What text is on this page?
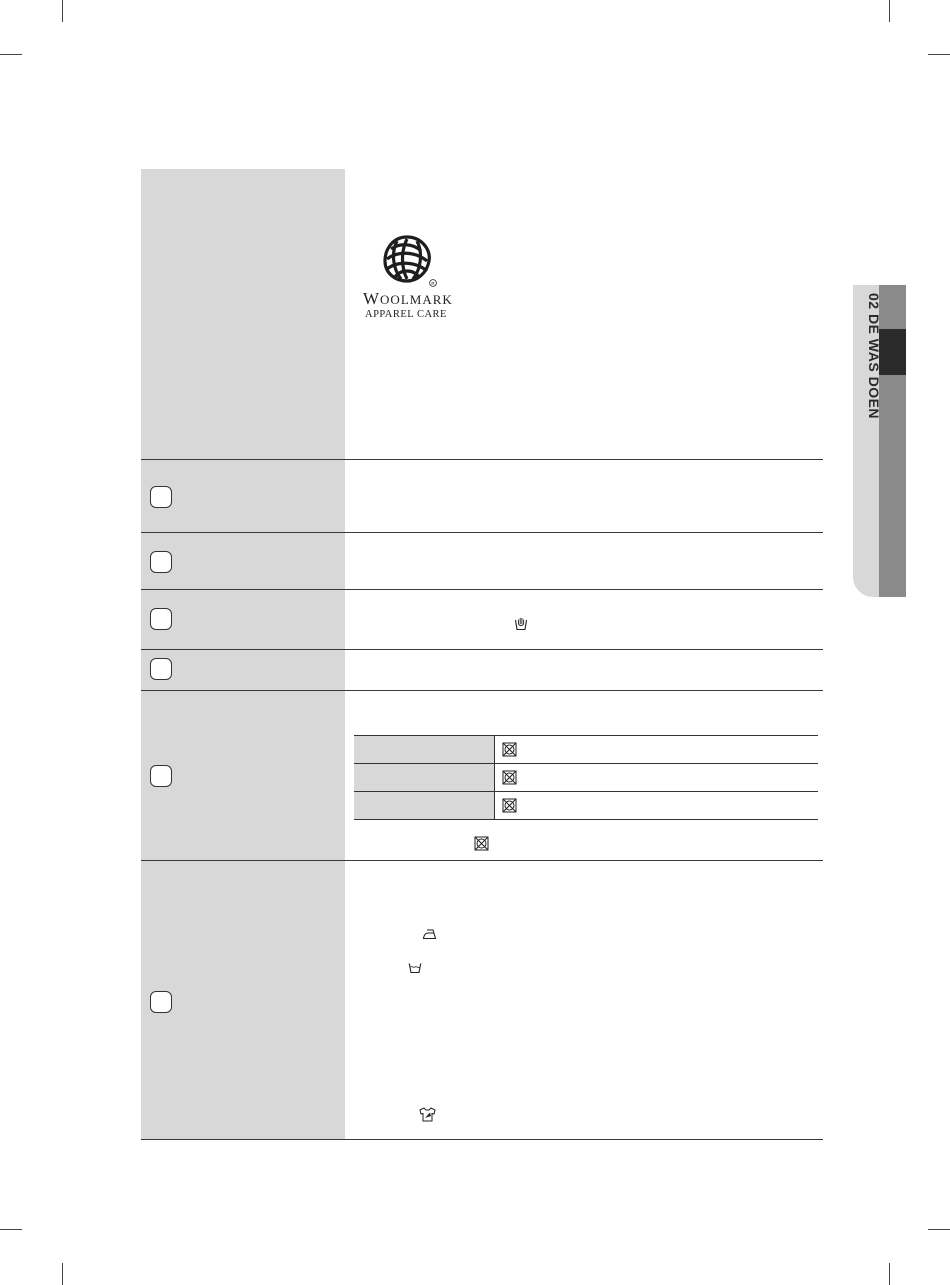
R
WOOLMARK
APPAREL CARE	02 DE WAS DOEN
